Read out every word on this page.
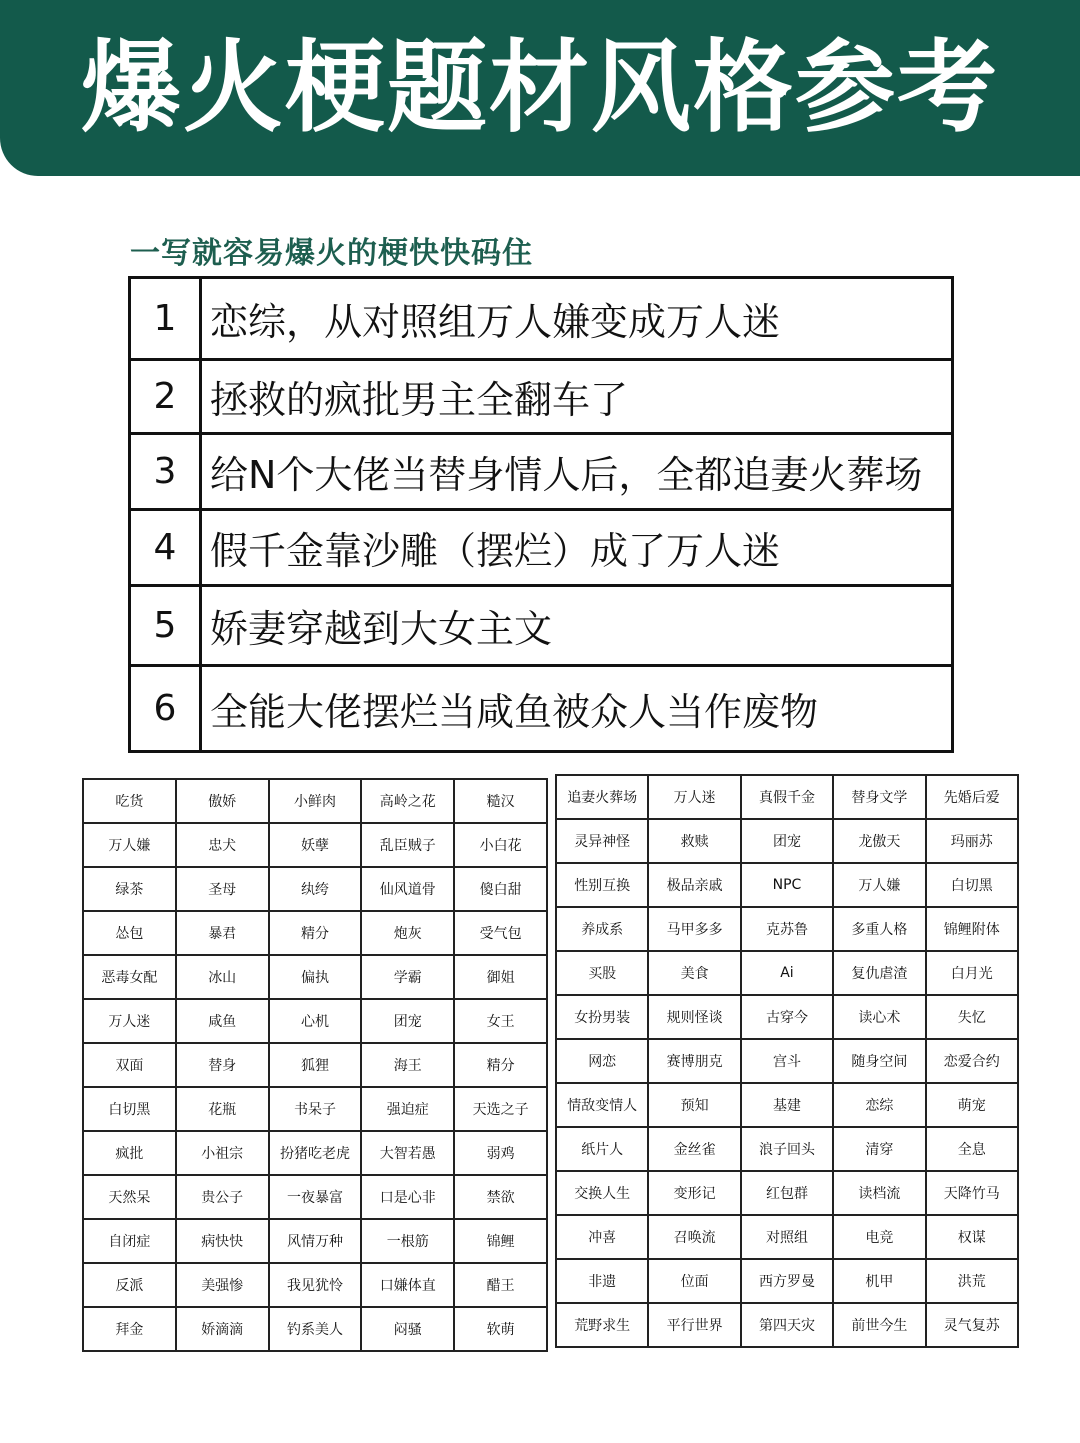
爆火梗题材风格参考
一写就容易爆火的梗快快码住
1	恋综，从对照组万人嫌变成万人迷
2	拯救的疯批男主全翻车了
3	给N个大佬当替身情人后，全都追妻火葬场
4	假千金靠沙雕（摆烂）成了万人迷
5	娇妻穿越到大女主文
6	全能大佬摆烂当咸鱼被众人当作废物
吃货	傲娇	小鲜肉	高岭之花	糙汉
万人嫌	忠犬	妖孽	乱臣贼子	小白花
绿茶	圣母	纨绔	仙风道骨	傻白甜
怂包	暴君	精分	炮灰	受气包
恶毒女配	冰山	偏执	学霸	御姐
万人迷	咸鱼	心机	团宠	女王
双面	替身	狐狸	海王	精分
白切黑	花瓶	书呆子	强迫症	天选之子
疯批	小祖宗	扮猪吃老虎	大智若愚	弱鸡
天然呆	贵公子	一夜暴富	口是心非	禁欲
自闭症	病快快	风情万种	一根筋	锦鲤
反派	美强惨	我见犹怜	口嫌体直	醋王
拜金	娇滴滴	钓系美人	闷骚	软萌
追妻火葬场	万人迷	真假千金	替身文学	先婚后爱
灵异神怪	救赎	团宠	龙傲天	玛丽苏
性别互换	极品亲戚	NPC	万人嫌	白切黑
养成系	马甲多多	克苏鲁	多重人格	锦鲤附体
买股	美食	Ai	复仇虐渣	白月光
女扮男装	规则怪谈	古穿今	读心术	失忆
网恋	赛博朋克	宫斗	随身空间	恋爱合约
情敌变情人	预知	基建	恋综	萌宠
纸片人	金丝雀	浪子回头	清穿	全息
交换人生	变形记	红包群	读档流	天降竹马
冲喜	召唤流	对照组	电竞	权谋
非遗	位面	西方罗曼	机甲	洪荒
荒野求生	平行世界	第四天灾	前世今生	灵气复苏
